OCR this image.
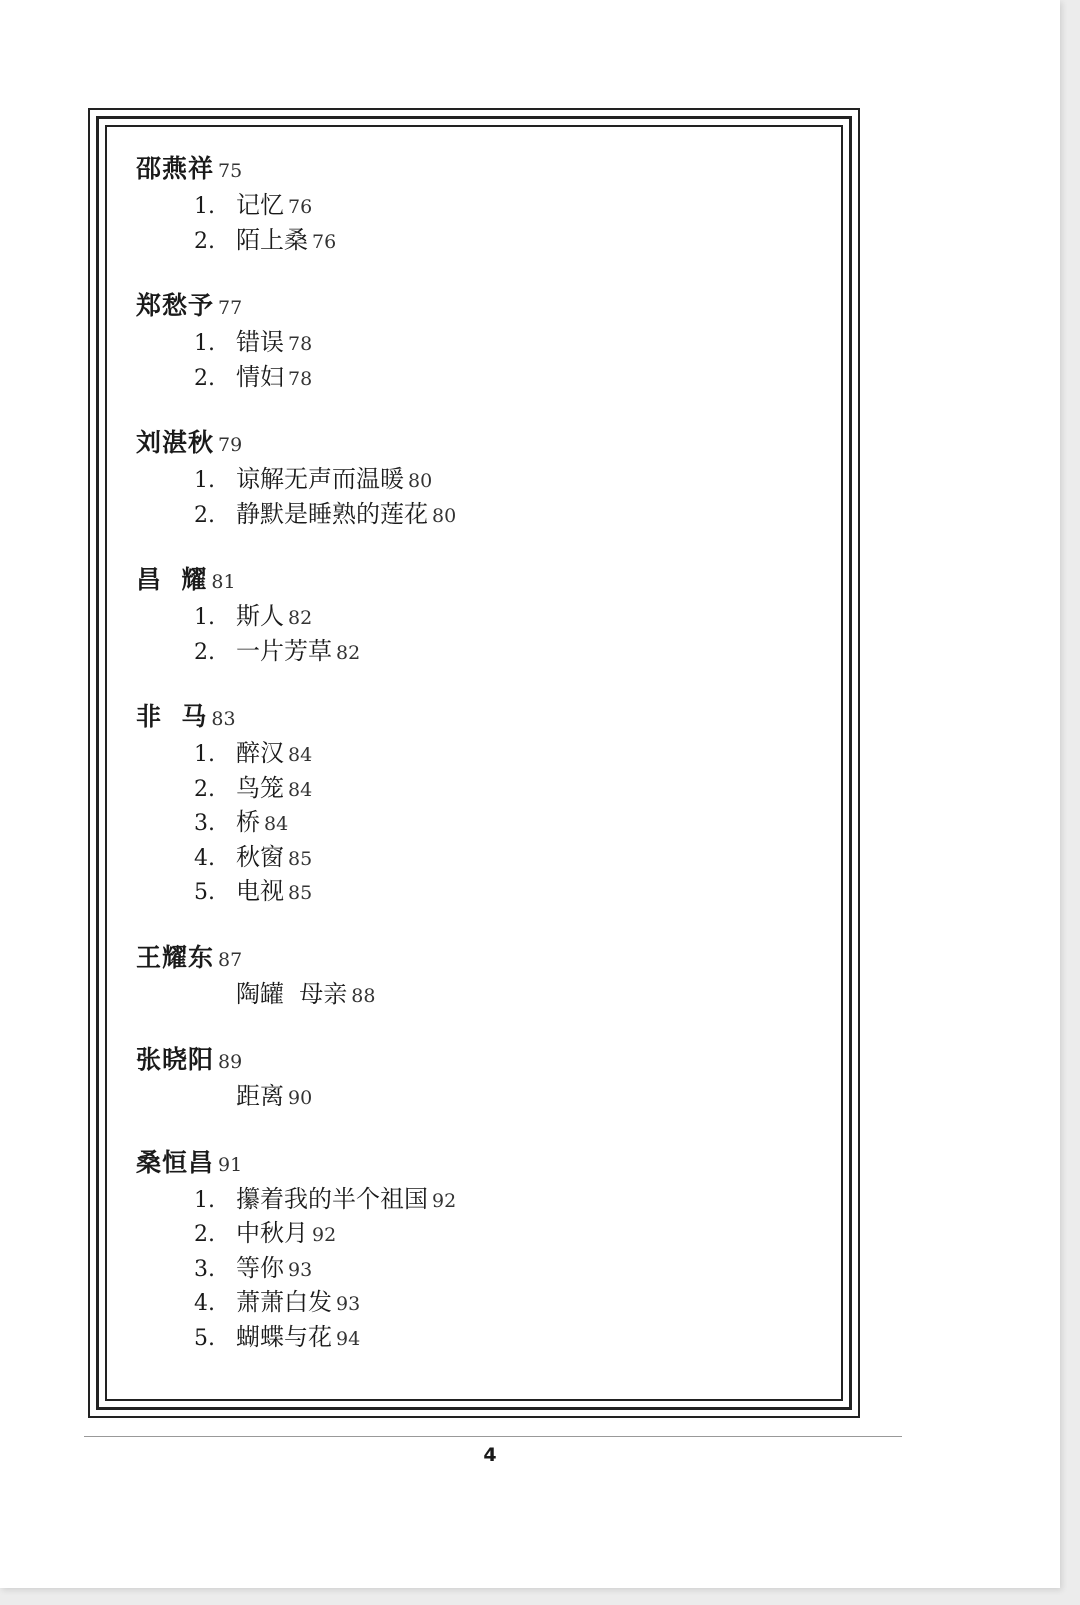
邵燕祥 75
1. 记忆 76
2. 陌上桑 76
郑愁予 77
1. 错误 78
2. 情妇 78
刘湛秋 79
1. 谅解无声而温暖 80
2. 静默是睡熟的莲花 80
昌  耀 81
1. 斯人 82
2. 一片芳草 82
非  马 83
1. 醉汉 84
2. 鸟笼 84
3. 桥 84
4. 秋窗 85
5. 电视 85
王耀东 87
陶罐  母亲 88
张晓阳 89
距离 90
桑恒昌 91
1. 攥着我的半个祖国 92
2. 中秋月 92
3. 等你 93
4. 萧萧白发 93
5. 蝴蝶与花 94
4
